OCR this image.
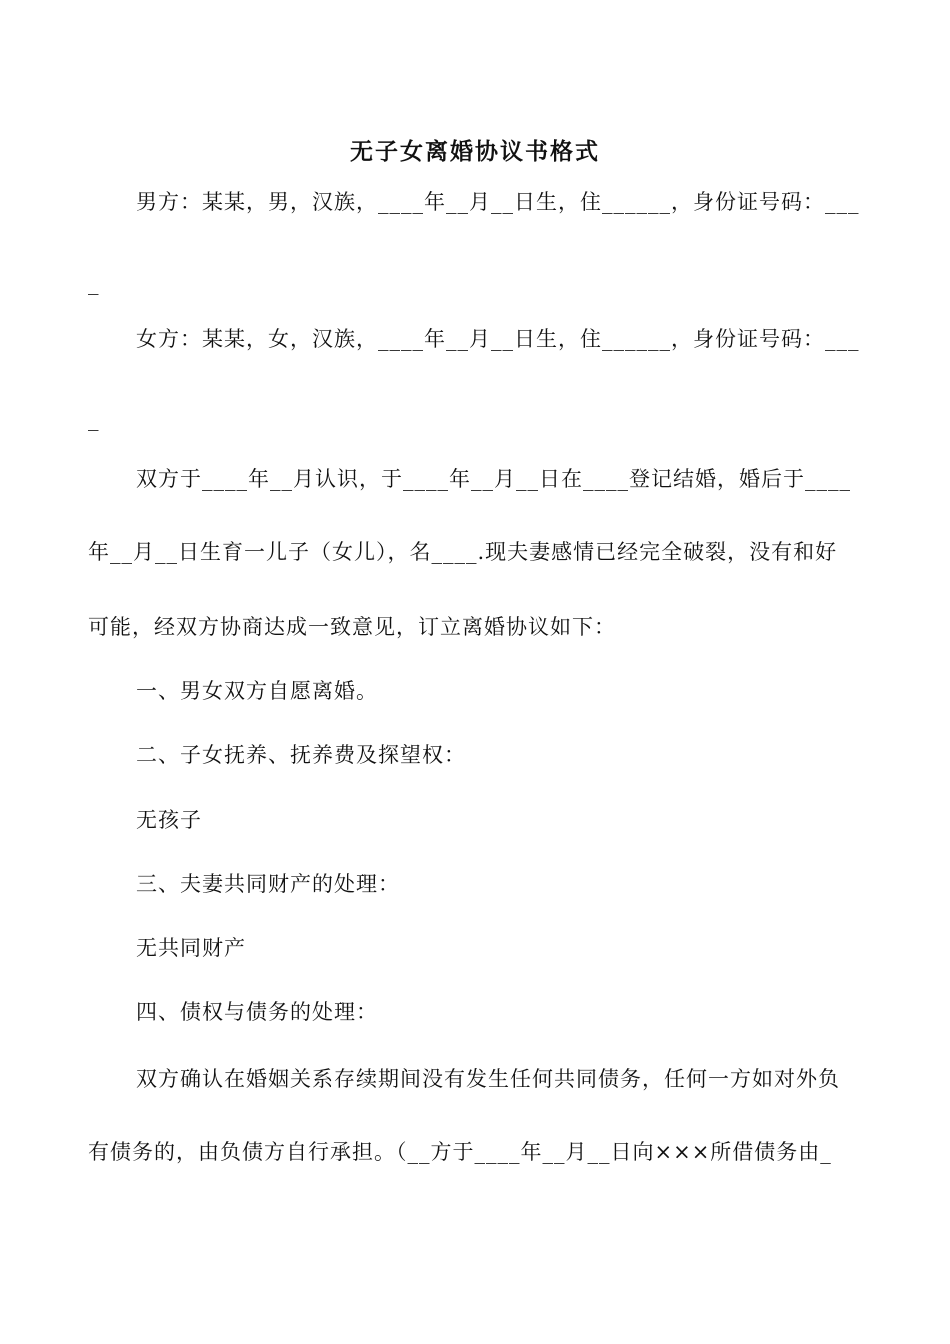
无子女离婚协议书格式
男方：某某，男，汉族，____年__月__日生，住______，身份证号码：___
_
女方：某某，女，汉族，____年__月__日生，住______，身份证号码：___
_
双方于____年__月认识，于____年__月__日在____登记结婚，婚后于____
年__月__日生育一儿子（女儿），名____.现夫妻感情已经完全破裂，没有和好
可能，经双方协商达成一致意见，订立离婚协议如下：
一、男女双方自愿离婚。
二、子女抚养、抚养费及探望权：
无孩子
三、夫妻共同财产的处理：
无共同财产
四、债权与债务的处理：
双方确认在婚姻关系存续期间没有发生任何共同债务，任何一方如对外负
有债务的，由负债方自行承担。（__方于____年__月__日向×××所借债务由_
